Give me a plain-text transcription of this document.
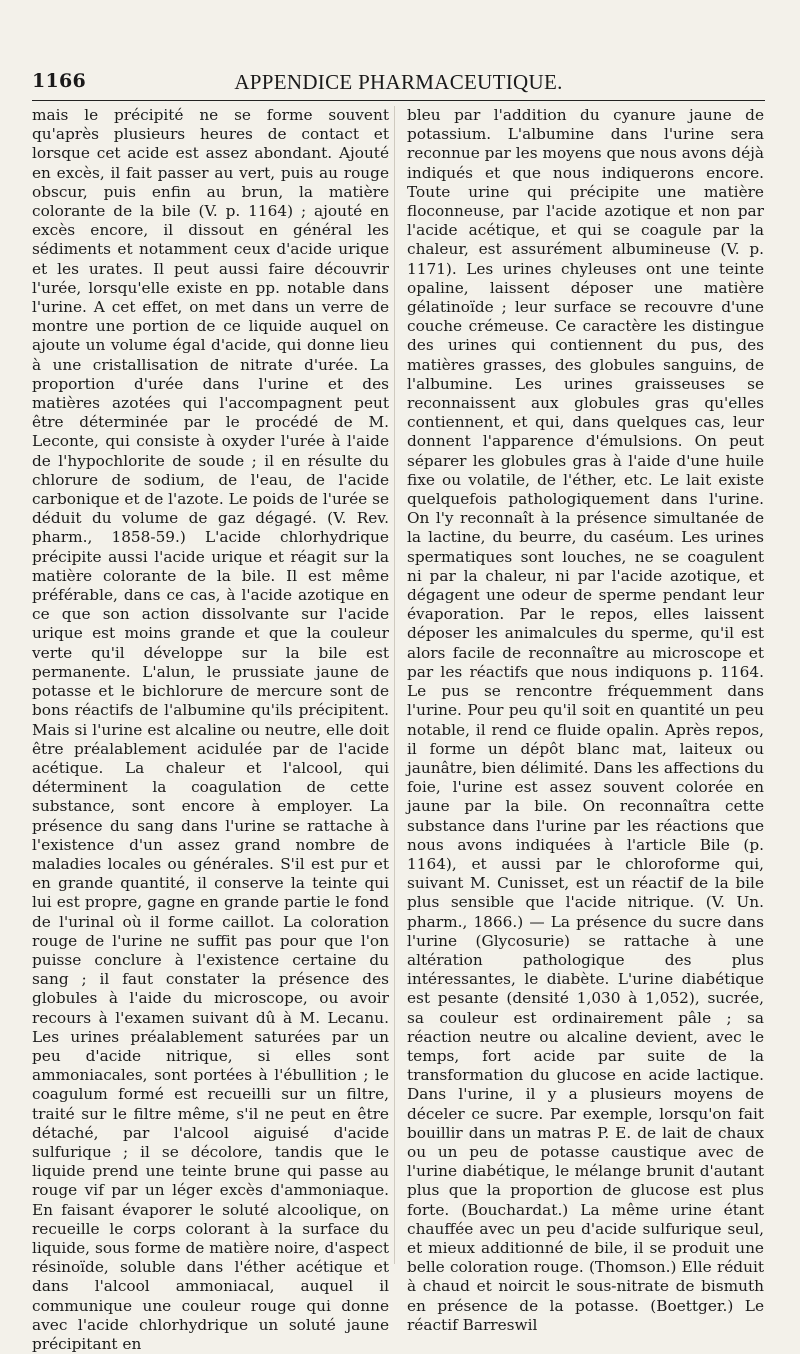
1166	APPENDICE PHARMACEUTIQUE.

mais le précipité ne se forme souvent qu'après plusieurs heures de contact et lorsque cet acide est assez abondant. Ajouté en excès, il fait passer au vert, puis au rouge obscur, puis enfin au brun, la matière colorante de la bile (V. p. 1164) ; ajouté en excès encore, il dissout en général les sédiments et notamment ceux d'acide urique et les urates. Il peut aussi faire découvrir l'urée, lorsqu'elle existe en pp. notable dans l'urine. A cet effet, on met dans un verre de montre une portion de ce liquide auquel on ajoute un volume égal d'acide, qui donne lieu à une cristallisation de nitrate d'urée. La proportion d'urée dans l'urine et des matières azotées qui l'accompagnent peut être déterminée par le procédé de M. Leconte, qui consiste à oxyder l'urée à l'aide de l'hypochlorite de soude ; il en résulte du chlorure de sodium, de l'eau, de l'acide carbonique et de l'azote. Le poids de l'urée se déduit du volume de gaz dégagé. (V. Rev. pharm., 1858-59.) L'acide chlorhydrique précipite aussi l'acide urique et réagit sur la matière colorante de la bile. Il est même préférable, dans ce cas, à l'acide azotique en ce que son action dissolvante sur l'acide urique est moins grande et que la couleur verte qu'il développe sur la bile est permanente. L'alun, le prussiate jaune de potasse et le bichlorure de mercure sont de bons réactifs de l'albumine qu'ils précipitent. Mais si l'urine est alcaline ou neutre, elle doit être préalablement acidulée par de l'acide acétique. La chaleur et l'alcool, qui déterminent la coagulation de cette substance, sont encore à employer. La présence du sang dans l'urine se rattache à l'existence d'un assez grand nombre de maladies locales ou générales. S'il est pur et en grande quantité, il conserve la teinte qui lui est propre, gagne en grande partie le fond de l'urinal où il forme caillot. La coloration rouge de l'urine ne suffit pas pour que l'on puisse conclure à l'existence certaine du sang ; il faut constater la présence des globules à l'aide du microscope, ou avoir recours à l'examen suivant dû à M. Lecanu. Les urines préalablement saturées par un peu d'acide nitrique, si elles sont ammoniacales, sont portées à l'ébullition ; le coagulum formé est recueilli sur un filtre, traité sur le filtre même, s'il ne peut en être détaché, par l'alcool aiguisé d'acide sulfurique ; il se décolore, tandis que le liquide prend une teinte brune qui passe au rouge vif par un léger excès d'ammoniaque. En faisant évaporer le soluté alcoolique, on recueille le corps colorant à la surface du liquide, sous forme de matière noire, d'aspect résinoïde, soluble dans l'éther acétique et dans l'alcool ammoniacal, auquel il communique une couleur rouge qui donne avec l'acide chlorhydrique un soluté jaune précipitant en

bleu par l'addition du cyanure jaune de potassium. L'albumine dans l'urine sera reconnue par les moyens que nous avons déjà indiqués et que nous indiquerons encore. Toute urine qui précipite une matière floconneuse, par l'acide azotique et non par l'acide acétique, et qui se coagule par la chaleur, est assurément albumineuse (V. p. 1171). Les urines chyleuses ont une teinte opaline, laissent déposer une matière gélatinoïde ; leur surface se recouvre d'une couche crémeuse. Ce caractère les distingue des urines qui contiennent du pus, des matières grasses, des globules sanguins, de l'albumine. Les urines graisseuses se reconnaissent aux globules gras qu'elles contiennent, et qui, dans quelques cas, leur donnent l'apparence d'émulsions. On peut séparer les globules gras à l'aide d'une huile fixe ou volatile, de l'éther, etc. Le lait existe quelquefois pathologiquement dans l'urine. On l'y reconnaît à la présence simultanée de la lactine, du beurre, du caséum. Les urines spermatiques sont louches, ne se coagulent ni par la chaleur, ni par l'acide azotique, et dégagent une odeur de sperme pendant leur évaporation. Par le repos, elles laissent déposer les animalcules du sperme, qu'il est alors facile de reconnaître au microscope et par les réactifs que nous indiquons p. 1164. Le pus se rencontre fréquemment dans l'urine. Pour peu qu'il soit en quantité un peu notable, il rend ce fluide opalin. Après repos, il forme un dépôt blanc mat, laiteux ou jaunâtre, bien délimité. Dans les affections du foie, l'urine est assez souvent colorée en jaune par la bile. On reconnaîtra cette substance dans l'urine par les réactions que nous avons indiquées à l'article Bile (p. 1164), et aussi par le chloroforme qui, suivant M. Cunisset, est un réactif de la bile plus sensible que l'acide nitrique. (V. Un. pharm., 1866.) — La présence du sucre dans l'urine (Glycosurie) se rattache à une altération pathologique des plus intéressantes, le diabète. L'urine diabétique est pesante (densité 1,030 à 1,052), sucrée, sa couleur est ordinairement pâle ; sa réaction neutre ou alcaline devient, avec le temps, fort acide par suite de la transformation du glucose en acide lactique. Dans l'urine, il y a plusieurs moyens de déceler ce sucre. Par exemple, lorsqu'on fait bouillir dans un matras P. E. de lait de chaux ou un peu de potasse caustique avec de l'urine diabétique, le mélange brunit d'autant plus que la proportion de glucose est plus forte. (Bouchardat.) La même urine étant chauffée avec un peu d'acide sulfurique seul, et mieux additionné de bile, il se produit une belle coloration rouge. (Thomson.) Elle réduit à chaud et noircit le sous-nitrate de bismuth en présence de la potasse. (Boettger.) Le réactif Barreswil
